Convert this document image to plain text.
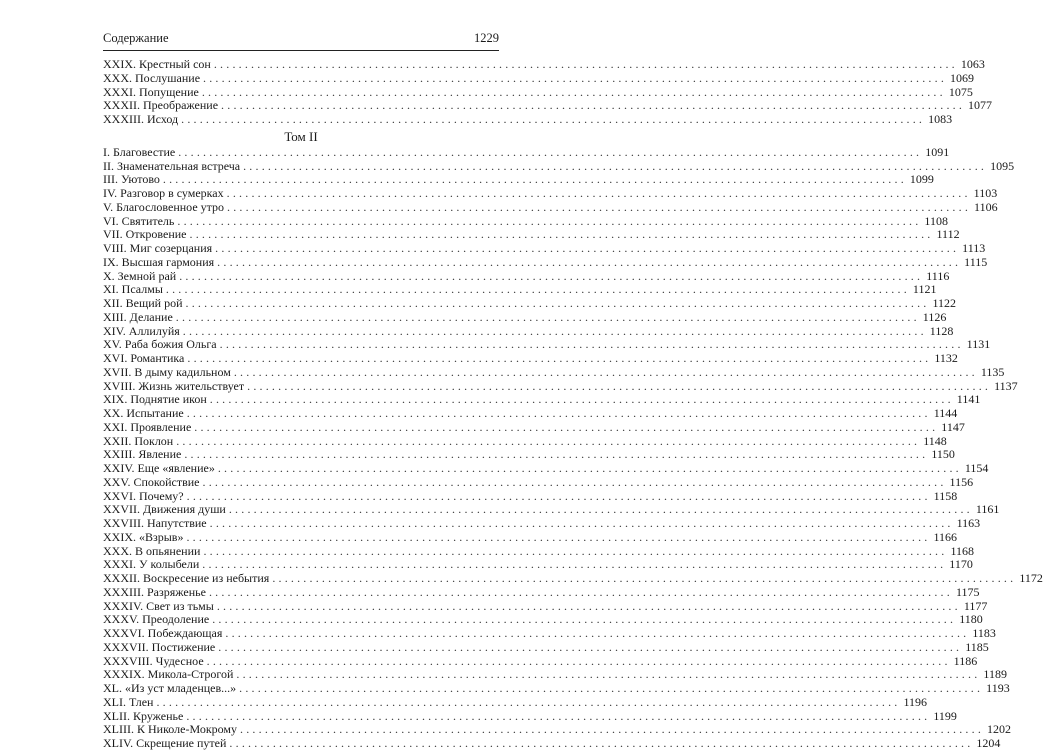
Содержание	1229
XXIX. Крестный сон ........................................................................................................................ 1063
XXX. Послушание ........................................................................................................................ 1069
XXXI. Попущение ........................................................................................................................ 1075
XXXII. Преображение ........................................................................................................................ 1077
XXXIII. Исход ........................................................................................................................ 1083
Том II
I. Благовестие ........................................................................................................................ 1091
II. Знаменательная встреча ........................................................................................................................ 1095
III. Уютово ........................................................................................................................ 1099
IV. Разговор в сумерках ........................................................................................................................ 1103
V. Благословенное утро ........................................................................................................................ 1106
VI. Святитель ........................................................................................................................ 1108
VII. Откровение ........................................................................................................................ 1112
VIII. Миг созерцания ........................................................................................................................ 1113
IX. Высшая гармония ........................................................................................................................ 1115
X. Земной рай ........................................................................................................................ 1116
XI. Псалмы ........................................................................................................................ 1121
XII. Вещий рой ........................................................................................................................ 1122
XIII. Делание ........................................................................................................................ 1126
XIV. Аллилуйя ........................................................................................................................ 1128
XV. Раба божия Ольга ........................................................................................................................ 1131
XVI. Романтика ........................................................................................................................ 1132
XVII. В дыму кадильном ........................................................................................................................ 1135
XVIII. Жизнь жительствует ........................................................................................................................ 1137
XIX. Поднятие икон ........................................................................................................................ 1141
XX. Испытание ........................................................................................................................ 1144
XXI. Проявление ........................................................................................................................ 1147
XXII. Поклон ........................................................................................................................ 1148
XXIII. Явление ........................................................................................................................ 1150
XXIV. Еще «явление» ........................................................................................................................ 1154
XXV. Спокойствие ........................................................................................................................ 1156
XXVI. Почему? ........................................................................................................................ 1158
XXVII. Движения души ........................................................................................................................ 1161
XXVIII. Напутствие ........................................................................................................................ 1163
XXIX. «Взрыв» ........................................................................................................................ 1166
XXX. В опьянении ........................................................................................................................ 1168
XXXI. У колыбели ........................................................................................................................ 1170
XXXII. Воскресение из небытия ........................................................................................................................ 1172
XXXIII. Разряженье ........................................................................................................................ 1175
XXXIV. Свет из тьмы ........................................................................................................................ 1177
XXXV. Преодоление ........................................................................................................................ 1180
XXXVI. Побеждающая ........................................................................................................................ 1183
XXXVII. Постижение ........................................................................................................................ 1185
XXXVIII. Чудесное ........................................................................................................................ 1186
XXXIX. Микола-Строгой ........................................................................................................................ 1189
XL. «Из уст младенцев...» ........................................................................................................................ 1193
XLI. Тлен ........................................................................................................................ 1196
XLII. Круженье ........................................................................................................................ 1199
XLIII. К Николе-Мокрому ........................................................................................................................ 1202
XLIV. Скрещение путей ........................................................................................................................ 1204
